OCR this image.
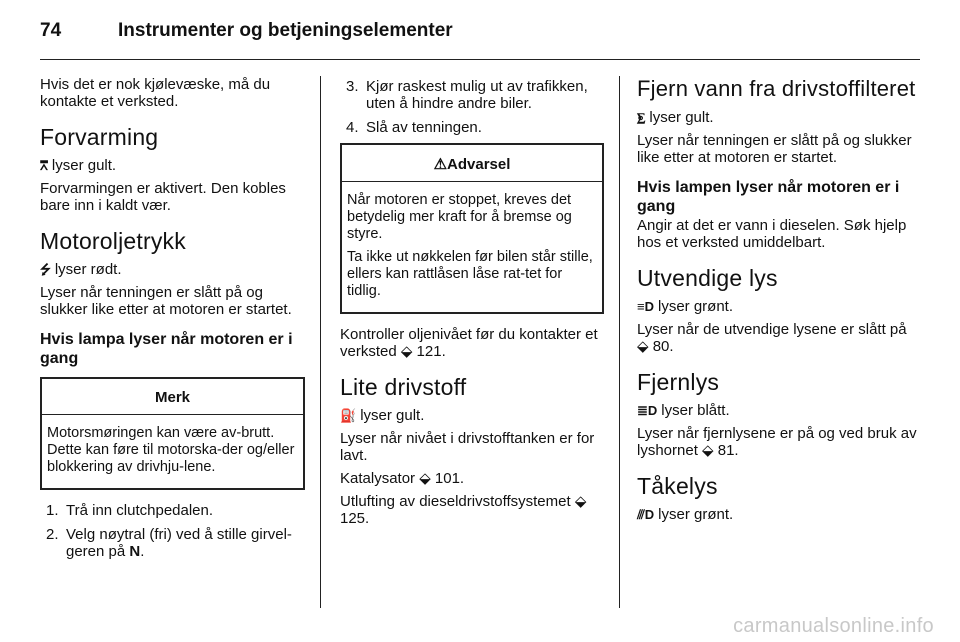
74	Instrumenter og betjeningselementer

Hvis det er nok kjølevæske, må du kontakte et verksted.

Forvarming

⩞ lyser gult.

Forvarmingen er aktivert. Den kobles bare inn i kaldt vær.

Motoroljetrykk

⭍ lyser rødt.

Lyser når tenningen er slått på og slukker like etter at motoren er startet.

Hvis lampa lyser når motoren er i gang
Merk

Motorsmøringen kan være av-brutt. Dette kan føre til motorska-der og/eller blokkering av drivhju-lene.

1. Trå inn clutchpedalen.
2. Velg nøytral (fri) ved å stille girvel-geren på N.
3. Kjør raskest mulig ut av trafikken, uten å hindre andre biler.
4. Slå av tenningen.
⚠Advarsel

Når motoren er stoppet, kreves det betydelig mer kraft for å bremse og styre.

Ta ikke ut nøkkelen før bilen står stille, ellers kan rattlåsen låse rat-tet for tidlig.

Kontroller oljenivået før du kontakter et verksted ⬙ 121.

Lite drivstoff

⛽ lyser gult.

Lyser når nivået i drivstofftanken er for lavt.

Katalysator ⬙ 101.

Utlufting av dieseldrivstoffsystemet ⬙ 125.

Fjern vann fra drivstoffilteret

⨊ lyser gult.

Lyser når tenningen er slått på og slukker like etter at motoren er startet.

Hvis lampen lyser når motoren er i gang

Angir at det er vann i dieselen. Søk hjelp hos et verksted umiddelbart.

Utvendige lys

≡D lyser grønt.

Lyser når de utvendige lysene er slått på ⬙ 80.

Fjernlys

≣D lyser blått.

Lyser når fjernlysene er på og ved bruk av lyshornet ⬙ 81.

Tåkelys

⫻D lyser grønt.

carmanualsonline.info
